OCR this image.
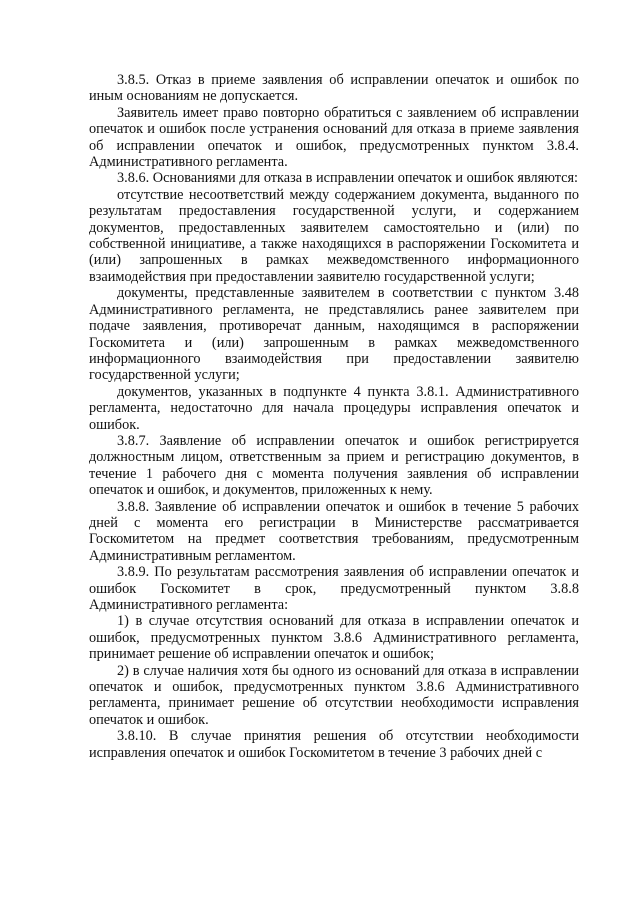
3.8.5. Отказ в приеме заявления об исправлении опечаток и ошибок по иным основаниям не допускается.

Заявитель имеет право повторно обратиться с заявлением об исправлении опечаток и ошибок после устранения оснований для отказа в приеме заявления об исправлении опечаток и ошибок, предусмотренных пунктом 3.8.4. Административного регламента.

3.8.6. Основаниями для отказа в исправлении опечаток и ошибок являются:

отсутствие несоответствий между содержанием документа, выданного по результатам предоставления государственной услуги, и содержанием документов, предоставленных заявителем самостоятельно и (или) по собственной инициативе, а также находящихся в распоряжении Госкомитета и (или) запрошенных в рамках межведомственного информационного взаимодействия при предоставлении заявителю государственной услуги;

документы, представленные заявителем в соответствии с пунктом 3.48 Административного регламента, не представлялись ранее заявителем при подаче заявления, противоречат данным, находящимся в распоряжении Госкомитета и (или) запрошенным в рамках межведомственного информационного взаимодействия при предоставлении заявителю государственной услуги;

документов, указанных в подпункте 4 пункта 3.8.1. Административного регламента, недостаточно для начала процедуры исправления опечаток и ошибок.

3.8.7. Заявление об исправлении опечаток и ошибок регистрируется должностным лицом, ответственным за прием и регистрацию документов, в течение 1 рабочего дня с момента получения заявления об исправлении опечаток и ошибок, и документов, приложенных к нему.

3.8.8. Заявление об исправлении опечаток и ошибок в течение 5 рабочих дней с момента его регистрации в Министерстве рассматривается Госкомитетом на предмет соответствия требованиям, предусмотренным Административным регламентом.

3.8.9. По результатам рассмотрения заявления об исправлении опечаток и ошибок Госкомитет в срок, предусмотренный пунктом 3.8.8 Административного регламента:

1) в случае отсутствия оснований для отказа в исправлении опечаток и ошибок, предусмотренных пунктом 3.8.6 Административного регламента, принимает решение об исправлении опечаток и ошибок;

2) в случае наличия хотя бы одного из оснований для отказа в исправлении опечаток и ошибок, предусмотренных пунктом 3.8.6 Административного регламента, принимает решение об отсутствии необходимости исправления опечаток и ошибок.

3.8.10. В случае принятия решения об отсутствии необходимости исправления опечаток и ошибок Госкомитетом в течение 3 рабочих дней с
